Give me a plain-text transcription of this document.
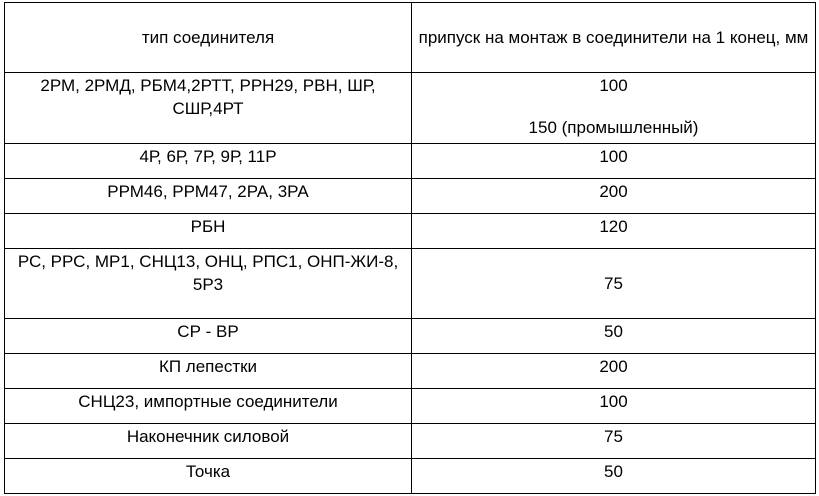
тип соединителя	припуск на монтаж в соединители на 1 конец, мм
2РМ, 2РМД, РБМ4,2РТТ, РРН29, РВН, ШР, СШР,4РТ	100
150 (промышленный)

4Р, 6Р, 7Р, 9Р, 11Р	100
РРМ46, РРМ47, 2РА, 3РА	200
РБН	120
РС, РРС, МР1, СНЦ13, ОНЦ, РПС1, ОНП-ЖИ-8, 5Р3	75
СР - ВР	50
КП лепестки	200
СНЦ23, импортные соединители	100
Наконечник силовой	75
Точка	50
